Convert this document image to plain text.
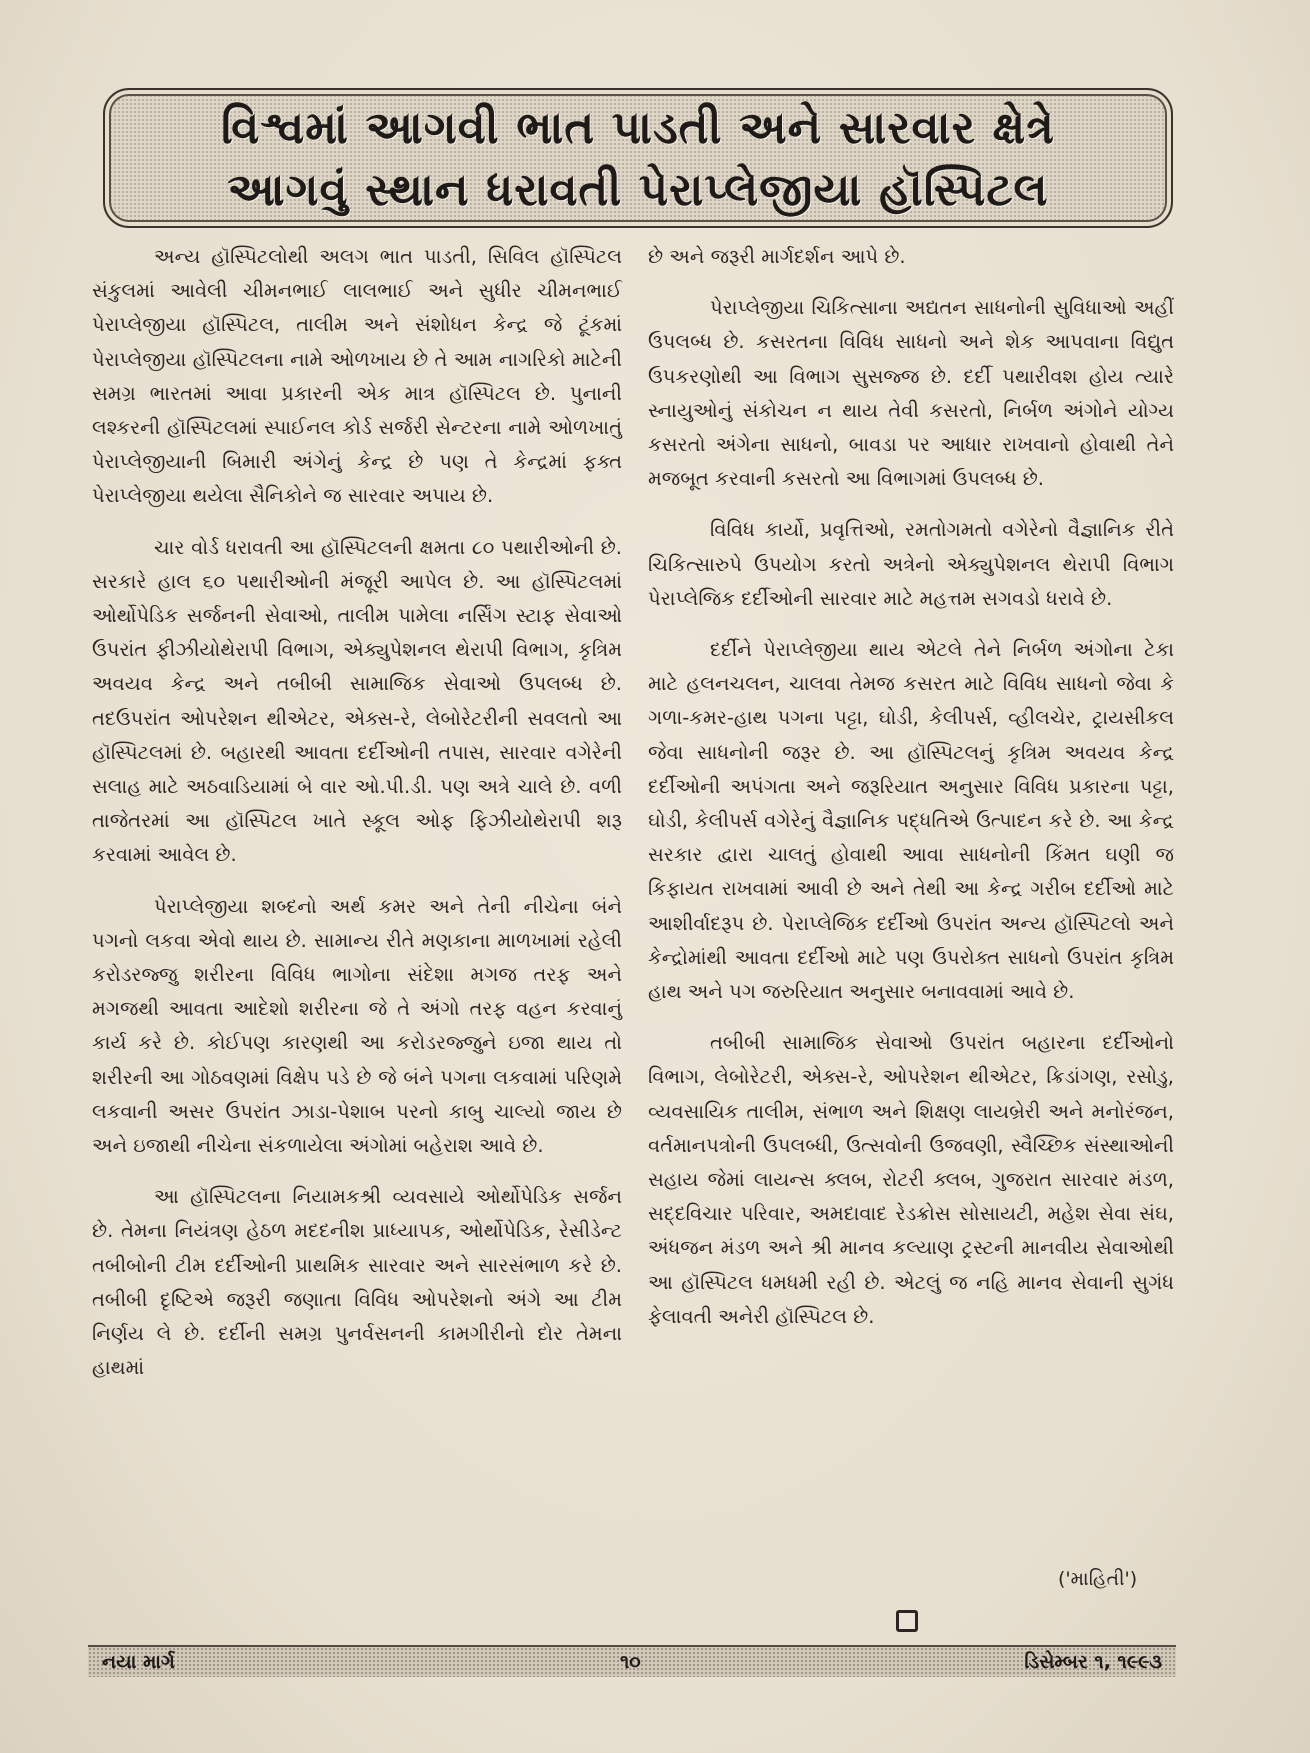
વિશ્વમાં આગવી ભાત પાડતી અને સારવાર ક્ષેત્રે
આગવું સ્થાન ધરાવતી પેરાપ્લેજીયા હૉસ્પિટલ

અન્ય હૉસ્પિટલોથી અલગ ભાત પાડતી, સિવિલ હૉસ્પિટલ સંકુલમાં આવેલી ચીમનભાઈ લાલભાઈ અને સુધીર ચીમનભાઈ પેરાપ્લેજીયા હૉસ્પિટલ, તાલીમ અને સંશોધન કેન્દ્ર જે ટૂંકમાં પેરાપ્લેજીયા હૉસ્પિટલના નામે ઓળખાય છે તે આમ નાગરિકો માટેની સમગ્ર ભારતમાં આવા પ્રકારની એક માત્ર હૉસ્પિટલ છે. પુનાની લશ્કરની હૉસ્પિટલમાં સ્પાઈનલ કોર્ડ સર્જરી સેન્ટરના નામે ઓળખાતું પેરાપ્લેજીયાની બિમારી અંગેનું કેન્દ્ર છે પણ તે કેન્દ્રમાં ફક્ત પેરાપ્લેજીયા થયેલા સૈનિકોને જ સારવાર અપાય છે.

ચાર વોર્ડ ધરાવતી આ હૉસ્પિટલની ક્ષમતા ૮૦ પથારીઓની છે. સરકારે હાલ ૬૦ પથારીઓની મંજૂરી આપેલ છે. આ હૉસ્પિટલમાં ઓર્થોપેડિક સર્જનની સેવાઓ, તાલીમ પામેલા નર્સિંગ સ્ટાફ સેવાઓ ઉપરાંત ફીઝીયોથેરાપી વિભાગ, એક્યુપેશનલ થેરાપી વિભાગ, કૃત્રિમ અવયવ કેન્દ્ર અને તબીબી સામાજિક સેવાઓ ઉપલબ્ધ છે. તદઉપરાંત ઓપરેશન થીએટર, એક્સ-રે, લેબોરેટરીની સવલતો આ હૉસ્પિટલમાં છે. બહારથી આવતા દર્દીઓની તપાસ, સારવાર વગેરેની સલાહ માટે અઠવાડિયામાં બે વાર ઓ.પી.ડી. પણ અત્રે ચાલે છે. વળી તાજેતરમાં આ હૉસ્પિટલ ખાતે સ્કૂલ ઓફ ફિઝીયોથેરાપી શરૂ કરવામાં આવેલ છે.

પેરાપ્લેજીયા શબ્દનો અર્થ કમર અને તેની નીચેના બંને પગનો લકવા એવો થાય છે. સામાન્ય રીતે મણકાના માળખામાં રહેલી કરોડરજ્જુ શરીરના વિવિધ ભાગોના સંદેશા મગજ તરફ અને મગજથી આવતા આદેશો શરીરના જે તે અંગો તરફ વહન કરવાનું કાર્ય કરે છે. કોઈપણ કારણથી આ કરોડરજ્જુને ઇજા થાય તો શરીરની આ ગોઠવણમાં વિક્ષેપ પડે છે જે બંને પગના લકવામાં પરિણમે લકવાની અસર ઉપરાંત ઝાડા-પેશાબ પરનો કાબુ ચાલ્યો જાય છે અને ઇજાથી નીચેના સંકળાયેલા અંગોમાં બહેરાશ આવે છે.

આ હૉસ્પિટલના નિયામકશ્રી વ્યવસાયે ઓર્થોપેડિક સર્જન છે. તેમના નિયંત્રણ હેઠળ મદદનીશ પ્રાધ્યાપક, ઓર્થોપેડિક, રેસીડેન્ટ તબીબોની ટીમ દર્દીઓની પ્રાથમિક સારવાર અને સારસંભાળ કરે છે. તબીબી દૃષ્ટિએ જરૂરી જણાતા વિવિધ ઓપરેશનો અંગે આ ટીમ નિર્ણય લે છે. દર્દીની સમગ્ર પુનર્વસનની કામગીરીનો દોર તેમના હાથમાં

છે અને જરૂરી માર્ગદર્શન આપે છે.

પેરાપ્લેજીયા ચિકિત્સાના અદ્યતન સાધનોની સુવિધાઓ અહીં ઉપલબ્ધ છે. કસરતના વિવિધ સાધનો અને શેક આપવાના વિદ્યુત ઉપકરણોથી આ વિભાગ સુસજ્જ છે. દર્દી પથારીવશ હોય ત્યારે સ્નાયુઓનું સંકોચન ન થાય તેવી કસરતો, નિર્બળ અંગોને યોગ્ય કસરતો અંગેના સાધનો, બાવડા પર આધાર રાખવાનો હોવાથી તેને મજબૂત કરવાની કસરતો આ વિભાગમાં ઉપલબ્ધ છે.

વિવિધ કાર્યો, પ્રવૃત્તિઓ, રમતોગમતો વગેરેનો વૈજ્ઞાનિક રીતે ચિકિત્સારુપે ઉપયોગ કરતો અત્રેનો એક્યુપેશનલ થેરાપી વિભાગ પેરાપ્લેજિક દર્દીઓની સારવાર માટે મહત્તમ સગવડો ધરાવે છે.

દર્દીને પેરાપ્લેજીયા થાય એટલે તેને નિર્બળ અંગોના ટેકા માટે હલનચલન, ચાલવા તેમજ કસરત માટે વિવિધ સાધનો જેવા કે ગળા-કમર-હાથ પગના પટ્ટા, ઘોડી, કેલીપર્સ, વ્હીલચેર, ટ્રાયસીકલ જેવા સાધનોની જરૂર છે. આ હૉસ્પિટલનું કૃત્રિમ અવયવ કેન્દ્ર દર્દીઓની અપંગતા અને જરૂરિયાત અનુસાર વિવિધ પ્રકારના પટ્ટા, ઘોડી, કેલીપર્સ વગેરેનું વૈજ્ઞાનિક પદ્ધતિએ ઉત્પાદન કરે છે. આ કેન્દ્ર સરકાર દ્વારા ચાલતું હોવાથી આવા સાધનોની કિંમત ઘણી જ કિફાયત રાખવામાં આવી છે અને તેથી આ કેન્દ્ર ગરીબ દર્દીઓ માટે આશીર્વાદરૂપ છે. પેરાપ્લેજિક દર્દીઓ ઉપરાંત અન્ય હૉસ્પિટલો અને કેન્દ્રોમાંથી આવતા દર્દીઓ માટે પણ ઉપરોક્ત સાધનો ઉપરાંત કૃત્રિમ હાથ અને પગ જરુરિયાત અનુસાર બનાવવામાં આવે છે.

તબીબી સામાજિક સેવાઓ ઉપરાંત બહારના દર્દીઓનો વિભાગ, લેબોરેટરી, એક્સ-રે, ઓપરેશન થીએટર, ક્રિડાંગણ, રસોડુ, વ્યવસાયિક તાલીમ, સંભાળ અને શિક્ષણ લાયબ્રેરી અને મનોરંજન, વર્તમાનપત્રોની ઉપલબ્ધી, ઉત્સવોની ઉજવણી, સ્વૈચ્છિક સંસ્થાઓની સહાય જેમાં લાયન્સ ક્લબ, રોટરી ક્લબ, ગુજરાત સારવાર મંડળ, સદ્દવિચાર પરિવાર, અમદાવાદ રેડક્રોસ સોસાયટી, મહેશ સેવા સંઘ, અંધજન મંડળ અને શ્રી માનવ કલ્યાણ ટ્રસ્ટની માનવીય સેવાઓથી આ હૉસ્પિટલ ધમધમી રહી છે. એટલું જ નહિ માનવ સેવાની સુગંધ ફેલાવતી અનેરી હૉસ્પિટલ છે.

('માહિતી')
નયા માર્ગ	૧૦	ડિસેમ્બર ૧, ૧૯૯૩
